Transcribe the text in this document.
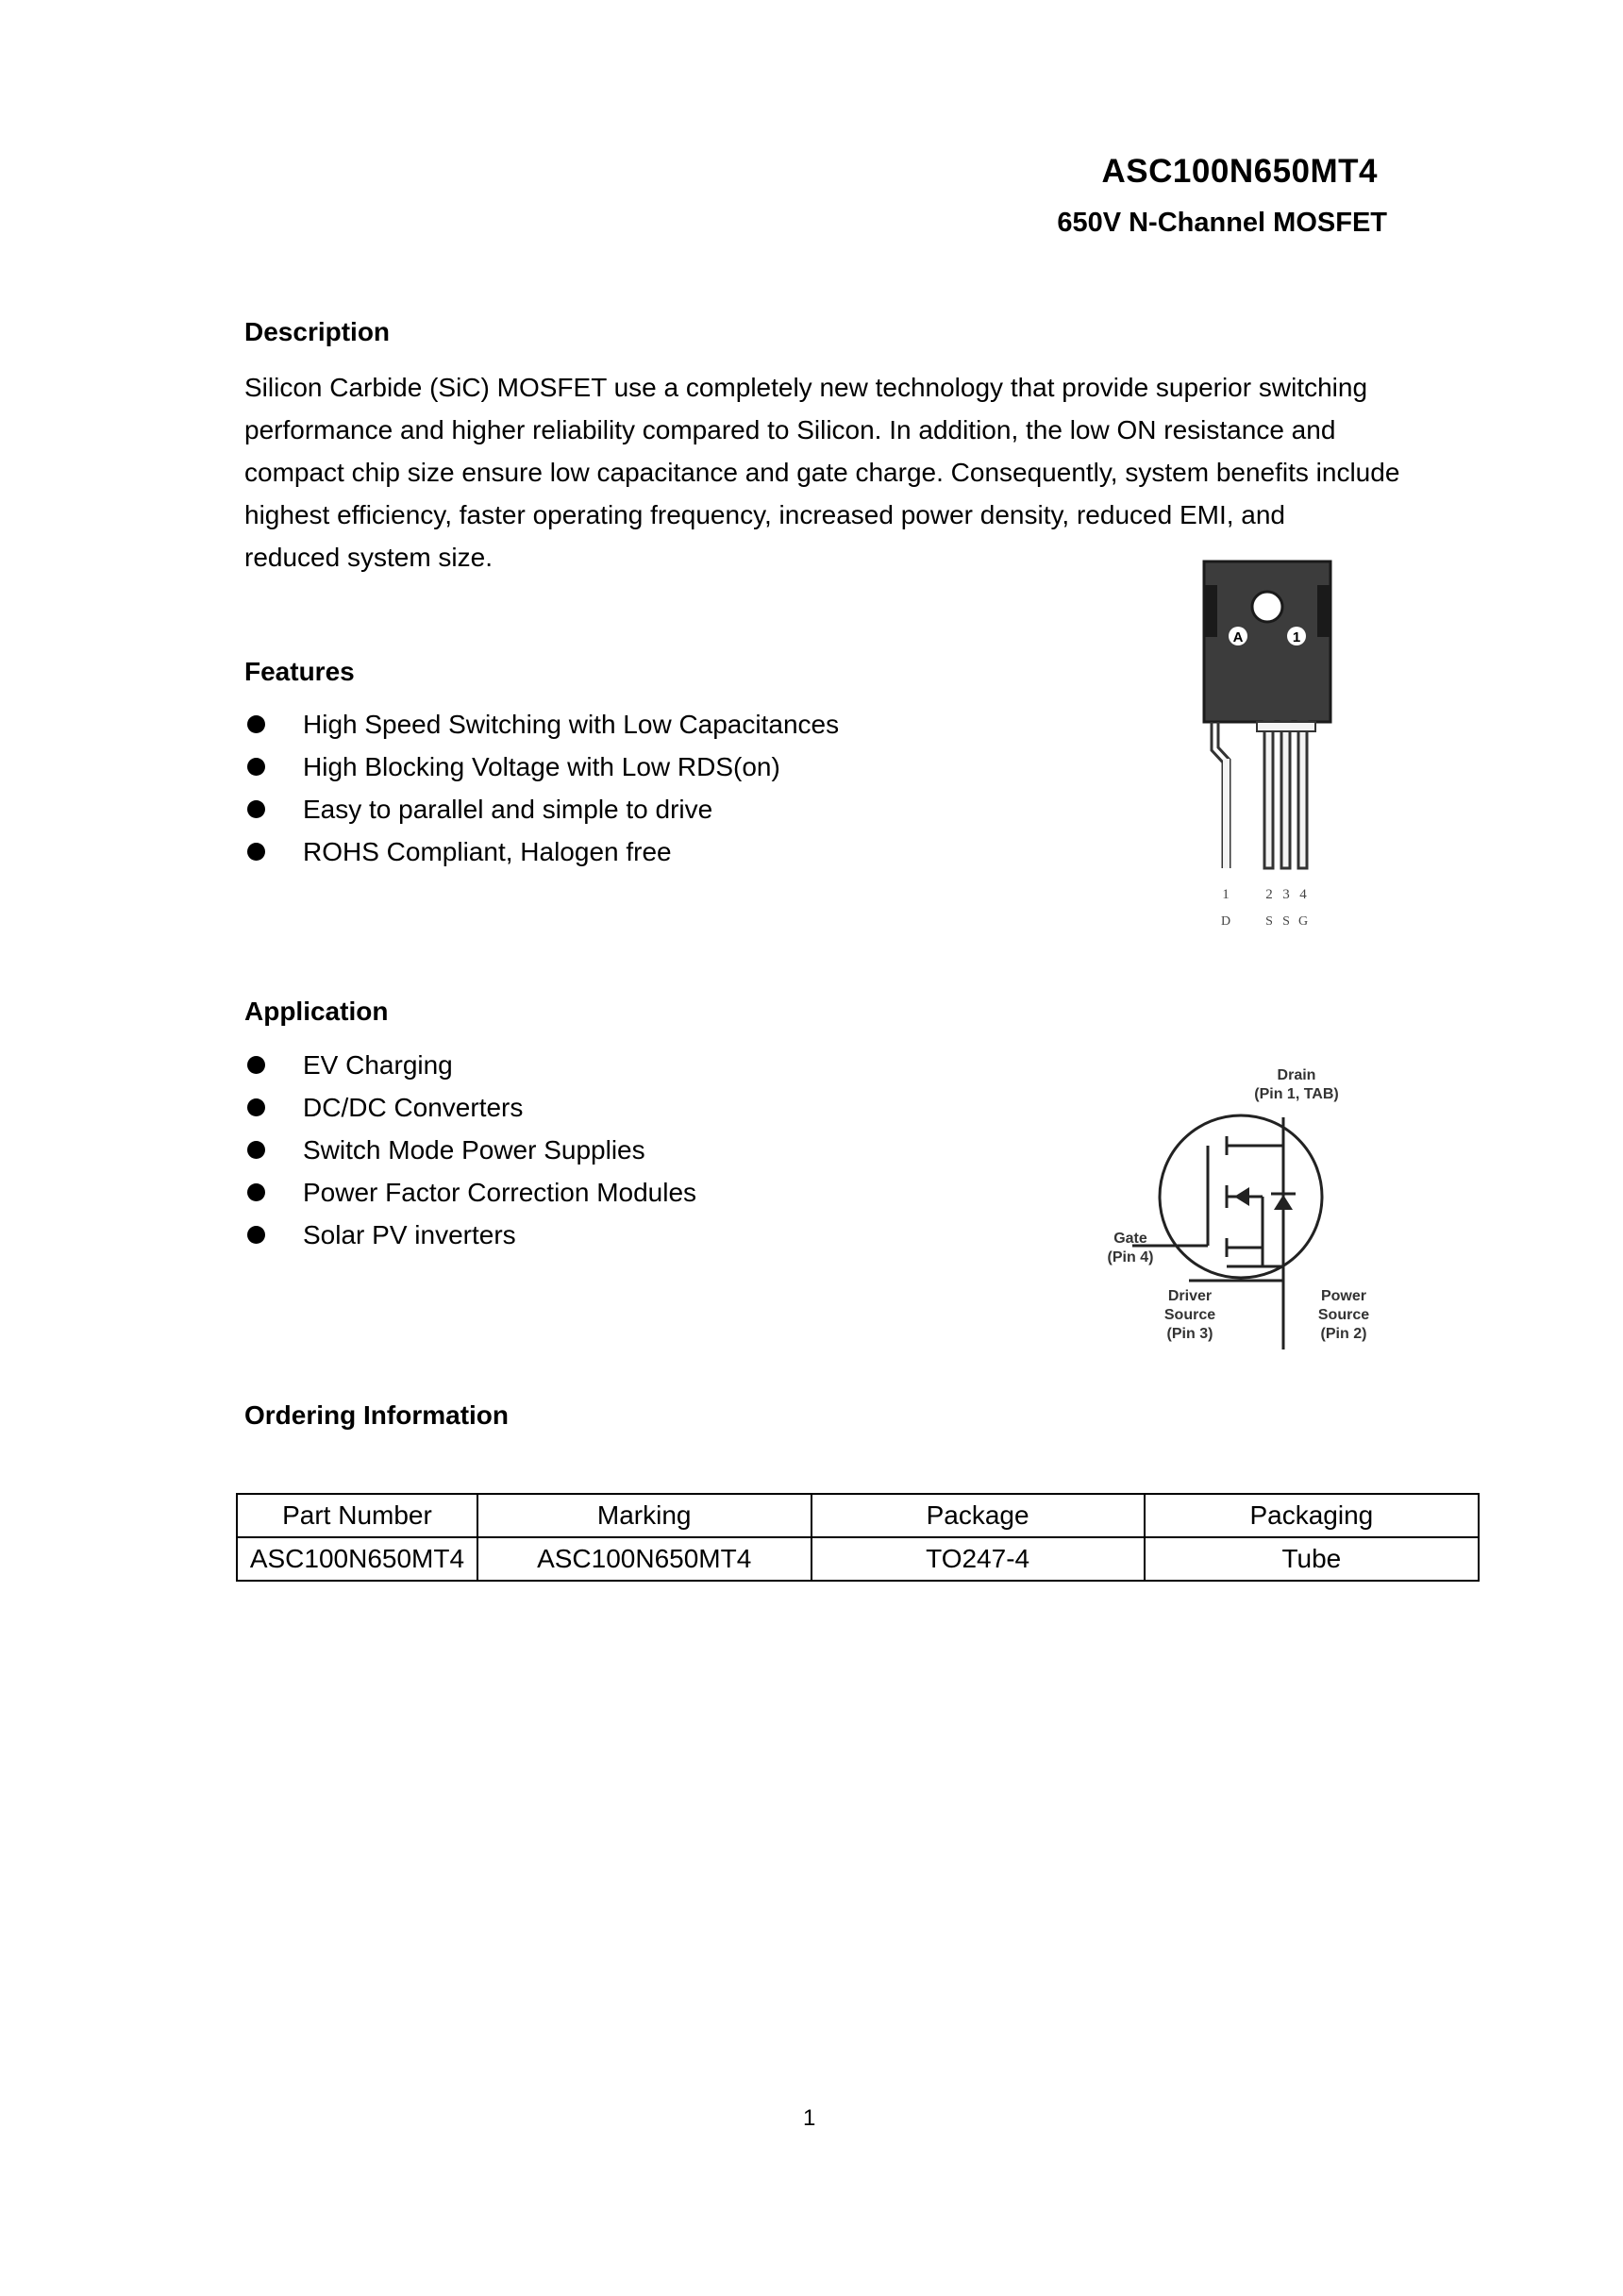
ASC100N650MT4
650V N-Channel MOSFET
Description
Silicon Carbide (SiC) MOSFET use a completely new technology that provide superior switching
performance and higher reliability compared to Silicon. In addition, the low ON resistance and
compact chip size ensure low capacitance and gate charge. Consequently, system benefits include
highest efficiency, faster operating frequency, increased power density, reduced EMI, and
reduced system size.
Features
High Speed Switching with Low Capacitances
High Blocking Voltage with Low RDS(on)
Easy to parallel and simple to drive
ROHS Compliant, Halogen free
A	1
1	2 3 4
D	S S G
Application
EV Charging
DC/DC Converters
Switch Mode Power Supplies
Power Factor Correction Modules
Solar PV inverters
Drain
(Pin 1, TAB)
Gate
(Pin 4)
Driver
Source
(Pin 3)
Power
Source
(Pin 2)
Ordering Information
Part Number	Marking	Package	Packaging
ASC100N650MT4	ASC100N650MT4	TO247-4	Tube
1
